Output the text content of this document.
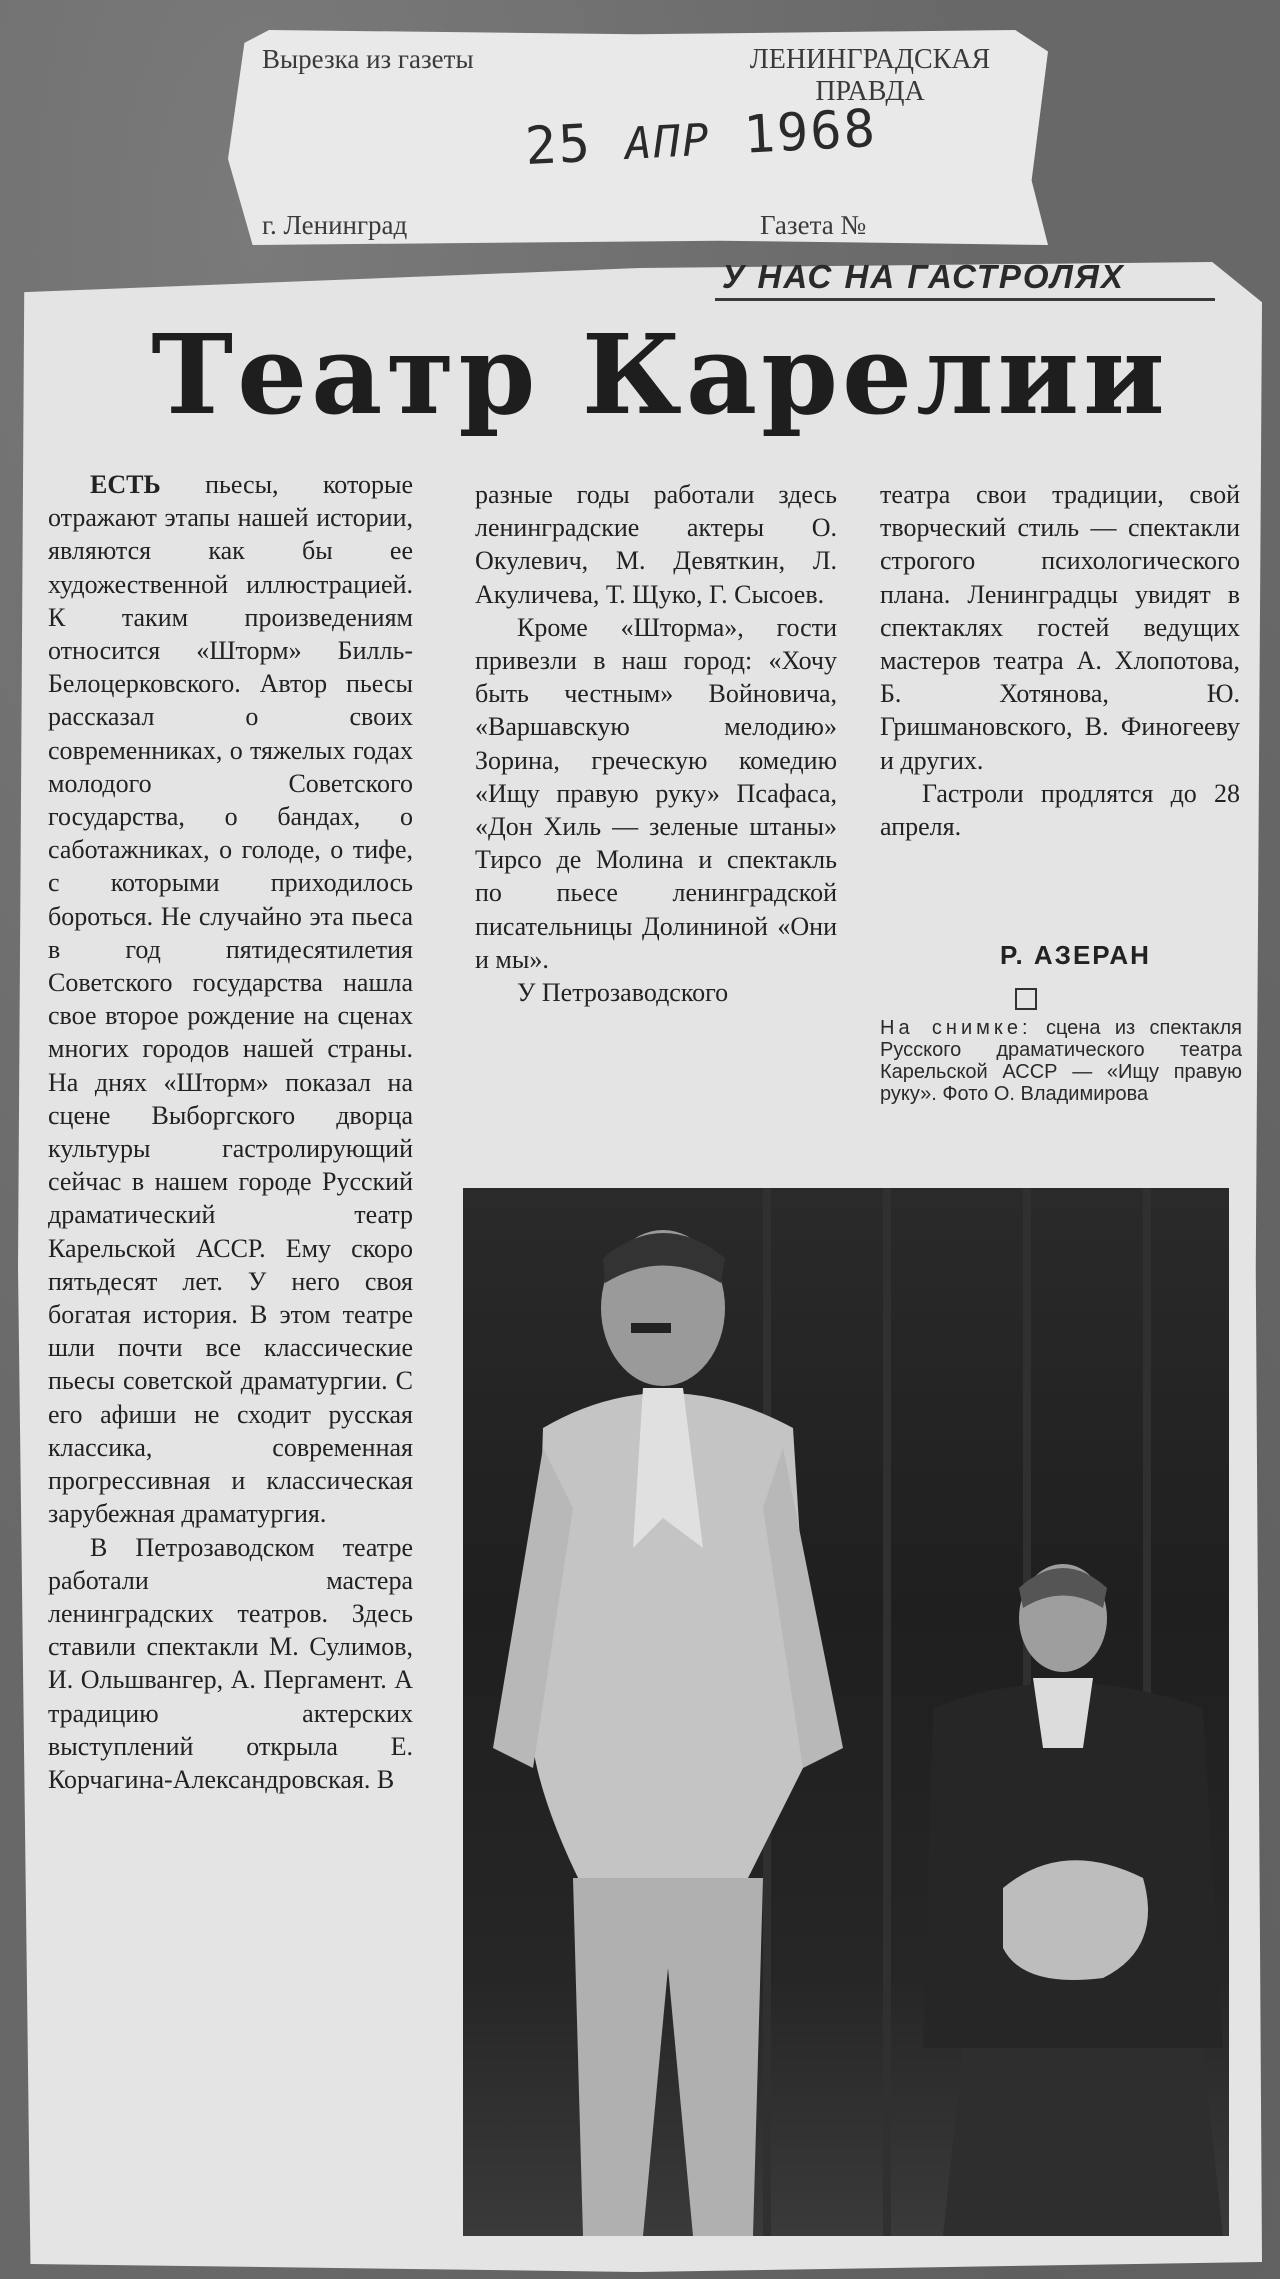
Вырезка из газеты	ЛЕНИНГРАДСКАЯ
ПРАВДА
25 АПР 1968
г. Ленинград	Газета №
У НАС НА ГАСТРОЛЯХ
Театр Карелии

ЕСТЬ пьесы, которые отражают этапы нашей истории, являются как бы ее художественной иллюстрацией. К таким произведениям относится «Шторм» Билль-Белоцерковского. Автор пьесы рассказал о своих современниках, о тяжелых годах молодого Советского государства, о бандах, о саботажниках, о голоде, о тифе, с которыми приходилось бороться. Не случайно эта пьеса в год пятидесятилетия Советского государства нашла свое второе рождение на сценах многих городов нашей страны. На днях «Шторм» показал на сцене Выборгского дворца культуры гастролирующий сейчас в нашем городе Русский драматический театр Карельской АССР. Ему скоро пятьдесят лет. У него своя богатая история. В этом театре шли почти все классические пьесы советской драматургии. С его афиши не сходит русская классика, современная прогрессивная и классическая зарубежная драматургия.

В Петрозаводском театре работали мастера ленинградских театров. Здесь ставили спектакли М. Сулимов, И. Ольшвангер, А. Пергамент. А традицию актерских выступлений открыла Е. Корчагина-Александровская. В

разные годы работали здесь ленинградские актеры О. Окулевич, М. Девяткин, Л. Акуличева, Т. Щуко, Г. Сысоев.

Кроме «Шторма», гости привезли в наш город: «Хочу быть честным» Войновича, «Варшавскую мелодию» Зорина, греческую комедию «Ищу правую руку» Псафаса, «Дон Хиль — зеленые штаны» Тирсо де Молина и спектакль по пьесе ленинградской писательницы Долининой «Они и мы».

У Петрозаводского

театра свои традиции, свой творческий стиль — спектакли строгого психологического плана. Ленинградцы увидят в спектаклях гостей ведущих мастеров театра А. Хлопотова, Б. Хотянова, Ю. Гришмановского, В. Финогееву и других.

Гастроли продлятся до 28 апреля.

Р. АЗЕРАН
На снимке: сцена из спектакля Русского драматического театра Карельской АССР — «Ищу правую руку». Фото О. Владимирова
